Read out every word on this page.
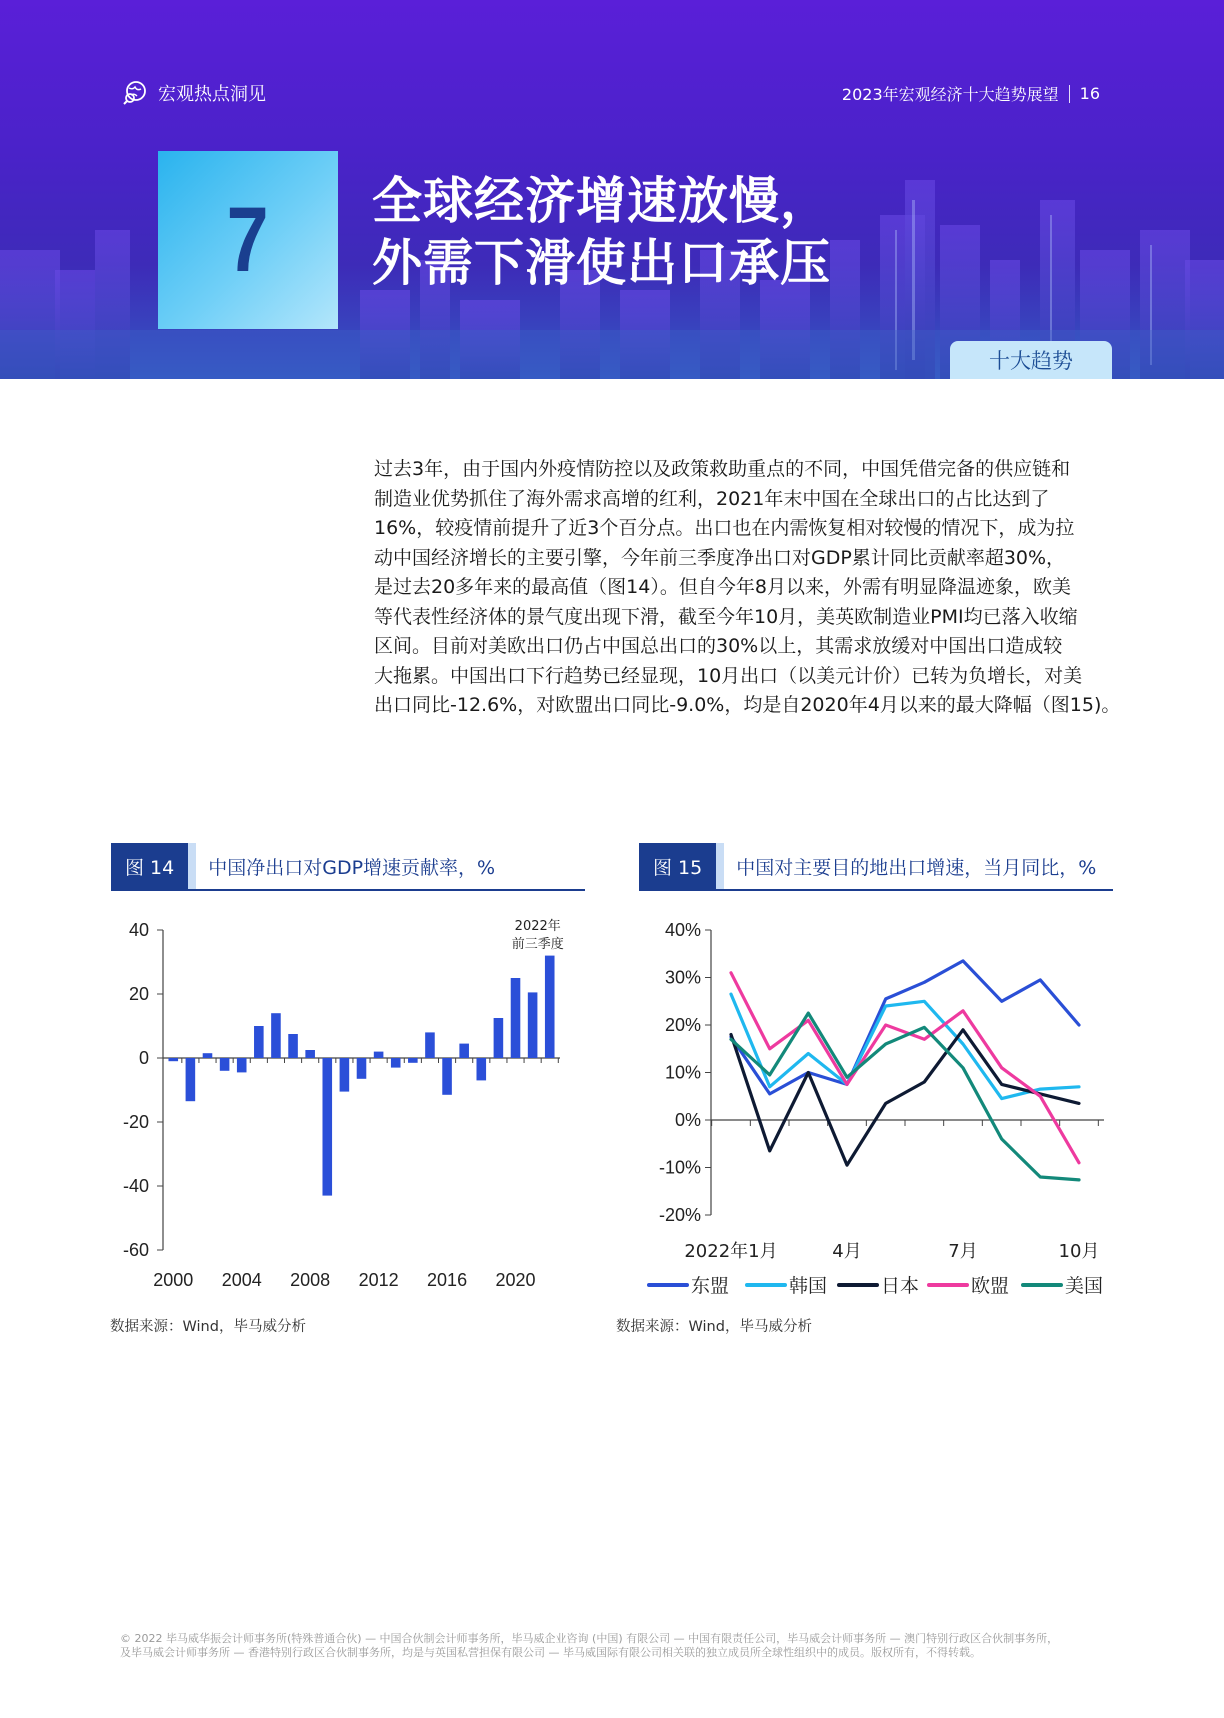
宏观热点洞见	2023年宏观经济十大趋势展望 16
7 全球经济增速放慢，
外需下滑使出口承压
十大趋势

过去3年，由于国内外疫情防控以及政策救助重点的不同，中国凭借完备的供应链和

制造业优势抓住了海外需求高增的红利，2021年末中国在全球出口的占比达到了

16%，较疫情前提升了近3个百分点。出口也在内需恢复相对较慢的情况下，成为拉

动中国经济增长的主要引擎，今年前三季度净出口对GDP累计同比贡献率超30%，

是过去20多年来的最高值（图14）。但自今年8月以来，外需有明显降温迹象，欧美

等代表性经济体的景气度出现下滑，截至今年10月，美英欧制造业PMI均已落入收缩

区间。目前对美欧出口仍占中国总出口的30%以上，其需求放缓对中国出口造成较

大拖累。中国出口下行趋势已经显现，10月出口（以美元计价）已转为负增长，对美

出口同比-12.6%，对欧盟出口同比-9.0%，均是自2020年4月以来的最大降幅（图15)。

图 14	中国净出口对GDP增速贡献率，%
40
20
0
-20
-40
-60
2000 2004 2008 2012 2016 2020
2022年
前三季度
数据来源：Wind，毕马威分析
图 15	中国对主要目的地出口增速，当月同比，%
40%
30%
20%
10%
0%
-10%
-20%
2022年1月	4月	7月	10月
东盟	韩国	日本	欧盟	美国
数据来源：Wind，毕马威分析

© 2022 毕马威华振会计师事务所(特殊普通合伙) — 中国合伙制会计师事务所，毕马威企业咨询 (中国) 有限公司 — 中国有限责任公司，毕马威会计师事务所 — 澳门特别行政区合伙制事务所，

及毕马威会计师事务所 — 香港特别行政区合伙制事务所，均是与英国私营担保有限公司 — 毕马威国际有限公司相关联的独立成员所全球性组织中的成员。版权所有，不得转载。
